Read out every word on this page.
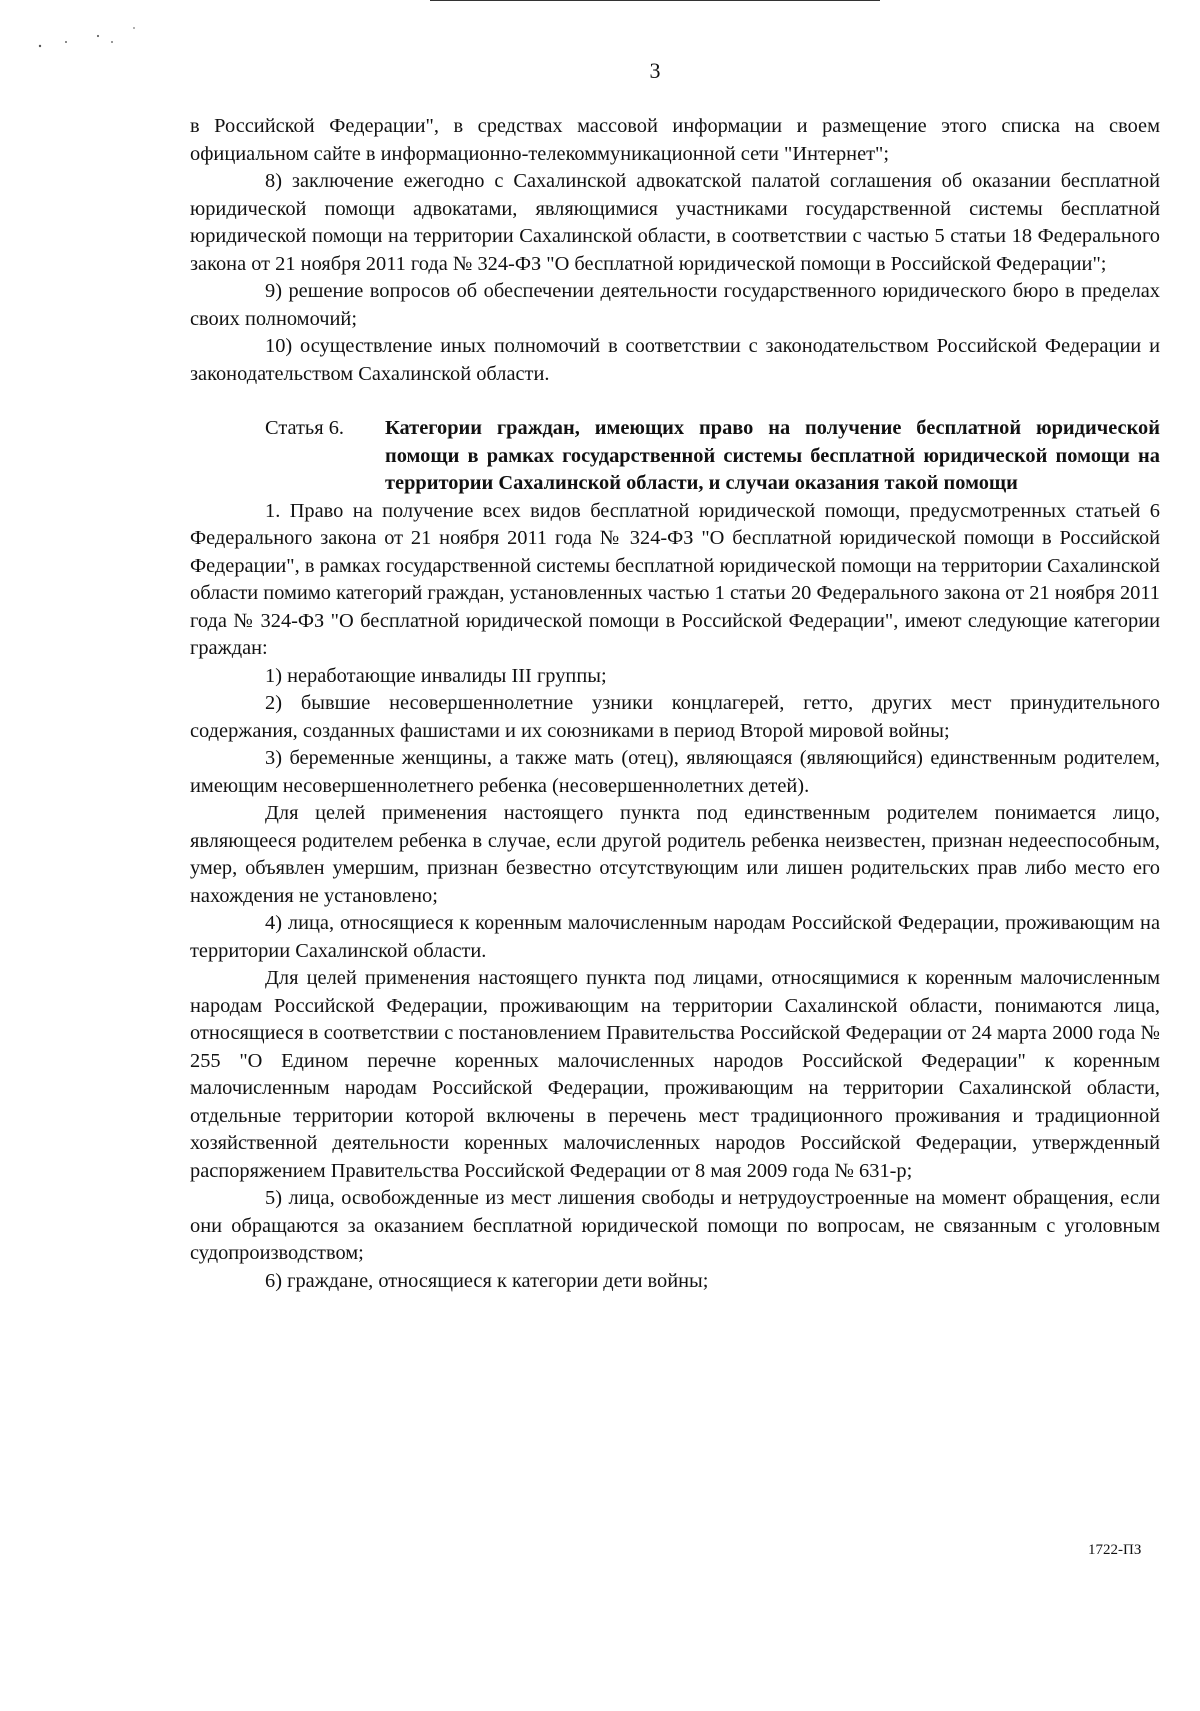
3

в Российской Федерации", в средствах массовой информации и размещение этого списка на своем официальном сайте в информационно-телекоммуникационной сети "Интернет";

8) заключение ежегодно с Сахалинской адвокатской палатой соглашения об оказании бесплатной юридической помощи адвокатами, являющимися участниками государственной системы бесплатной юридической помощи на территории Сахалинской области, в соответствии с частью 5 статьи 18 Федерального закона от 21 ноября 2011 года № 324-ФЗ "О бесплатной юридической помощи в Российской Федерации";

9) решение вопросов об обеспечении деятельности государственного юридического бюро в пределах своих полномочий;

10) осуществление иных полномочий в соответствии с законодательством Российской Федерации и законодательством Сахалинской области.

Статья 6.	Категории граждан, имеющих право на получение бесплатной юридической помощи в рамках государственной системы бесплатной юридической помощи на территории Сахалинской области, и случаи оказания такой помощи

1. Право на получение всех видов бесплатной юридической помощи, предусмотренных статьей 6 Федерального закона от 21 ноября 2011 года № 324-ФЗ "О бесплатной юридической помощи в Российской Федерации", в рамках государственной системы бесплатной юридической помощи на территории Сахалинской области помимо категорий граждан, установленных частью 1 статьи 20 Федерального закона от 21 ноября 2011 года № 324-ФЗ "О бесплатной юридической помощи в Российской Федерации", имеют следующие категории граждан:

1) неработающие инвалиды III группы;

2) бывшие несовершеннолетние узники концлагерей, гетто, других мест принудительного содержания, созданных фашистами и их союзниками в период Второй мировой войны;

3) беременные женщины, а также мать (отец), являющаяся (являющийся) единственным родителем, имеющим несовершеннолетнего ребенка (несовершеннолетних детей).

Для целей применения настоящего пункта под единственным родителем понимается лицо, являющееся родителем ребенка в случае, если другой родитель ребенка неизвестен, признан недееспособным, умер, объявлен умершим, признан безвестно отсутствующим или лишен родительских прав либо место его нахождения не установлено;

4) лица, относящиеся к коренным малочисленным народам Российской Федерации, проживающим на территории Сахалинской области.

Для целей применения настоящего пункта под лицами, относящимися к коренным малочисленным народам Российской Федерации, проживающим на территории Сахалинской области, понимаются лица, относящиеся в соответствии с постановлением Правительства Российской Федерации от 24 марта 2000 года № 255 "О Едином перечне коренных малочисленных народов Российской Федерации" к коренным малочисленным народам Российской Федерации, проживающим на территории Сахалинской области, отдельные территории которой включены в перечень мест традиционного проживания и традиционной хозяйственной деятельности коренных малочисленных народов Российской Федерации, утвержденный распоряжением Правительства Российской Федерации от 8 мая 2009 года № 631-р;

5) лица, освобожденные из мест лишения свободы и нетрудоустроенные на момент обращения, если они обращаются за оказанием бесплатной юридической помощи по вопросам, не связанным с уголовным судопроизводством;

6) граждане, относящиеся к категории дети войны;

1722-ПЗ
